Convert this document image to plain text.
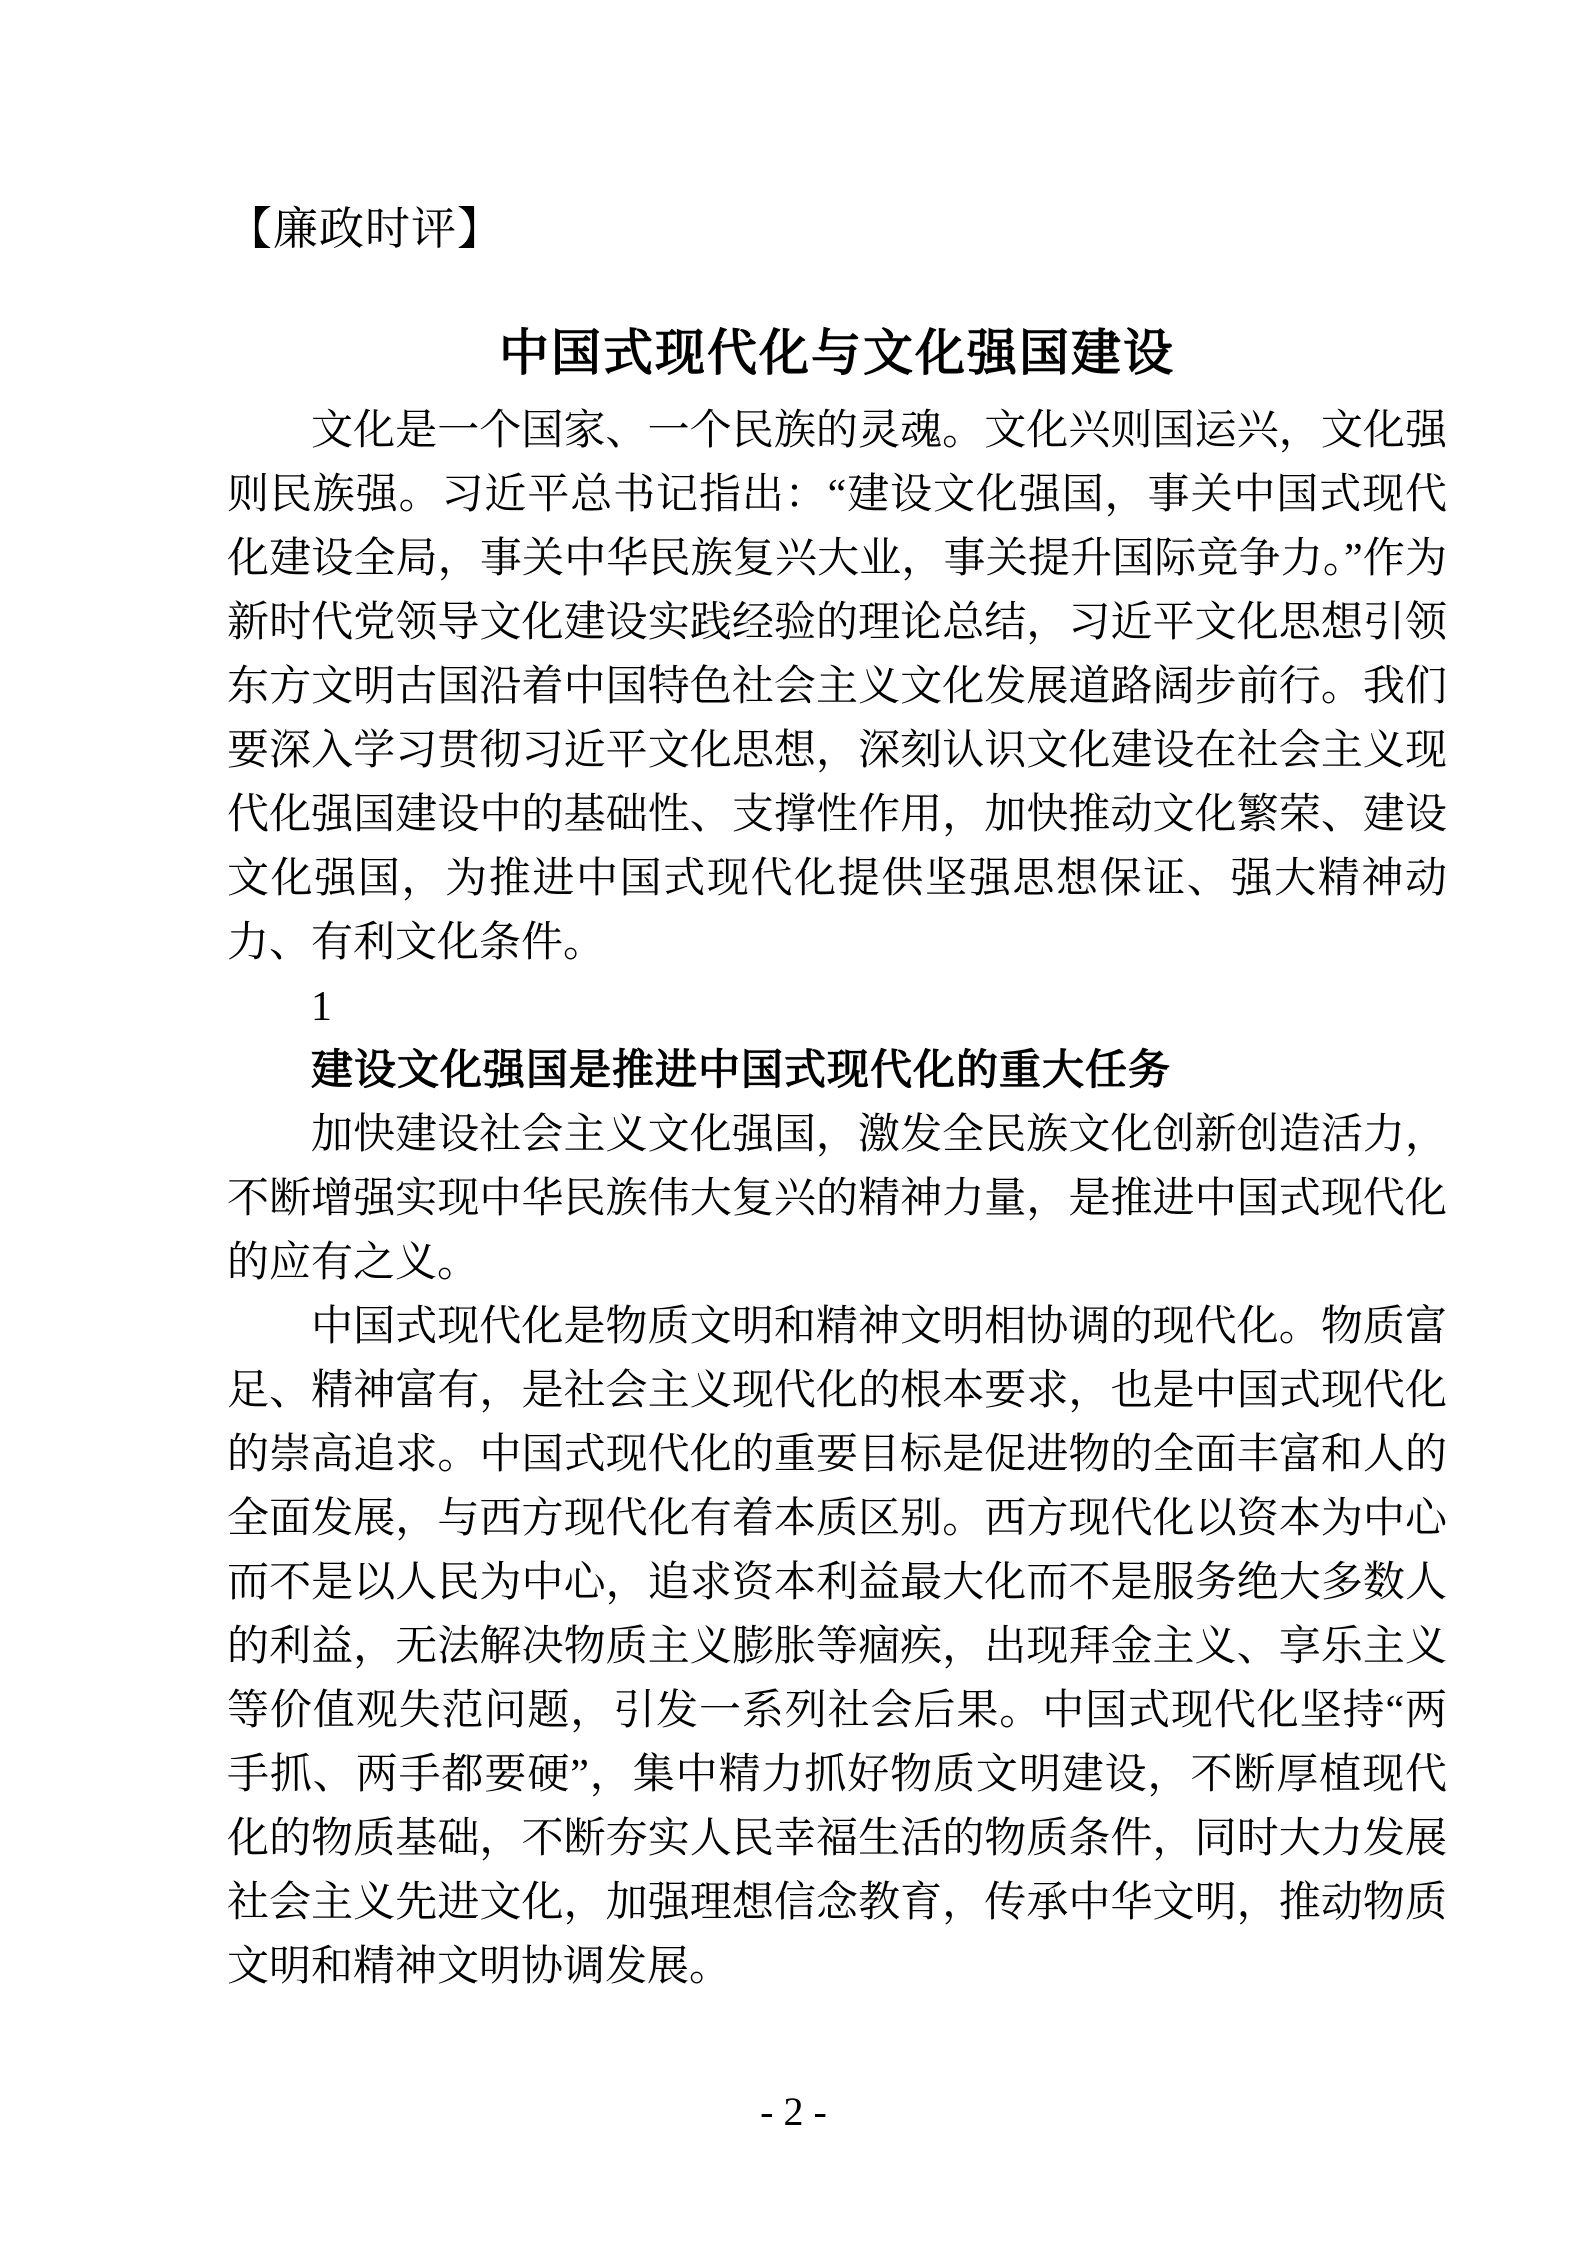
【廉政时评】
中国式现代化与文化强国建设

文化是一个国家、一个民族的灵魂。文化兴则国运兴，文化强则民族强。习近平总书记指出：“建设文化强国，事关中国式现代化建设全局，事关中华民族复兴大业，事关提升国际竞争力。”作为新时代党领导文化建设实践经验的理论总结，习近平文化思想引领东方文明古国沿着中国特色社会主义文化发展道路阔步前行。我们要深入学习贯彻习近平文化思想，深刻认识文化建设在社会主义现代化强国建设中的基础性、支撑性作用，加快推动文化繁荣、建设文化强国，为推进中国式现代化提供坚强思想保证、强大精神动力、有利文化条件。

1

建设文化强国是推进中国式现代化的重大任务

加快建设社会主义文化强国，激发全民族文化创新创造活力，不断增强实现中华民族伟大复兴的精神力量，是推进中国式现代化的应有之义。

中国式现代化是物质文明和精神文明相协调的现代化。物质富足、精神富有，是社会主义现代化的根本要求，也是中国式现代化的崇高追求。中国式现代化的重要目标是促进物的全面丰富和人的全面发展，与西方现代化有着本质区别。西方现代化以资本为中心而不是以人民为中心，追求资本利益最大化而不是服务绝大多数人的利益，无法解决物质主义膨胀等痼疾，出现拜金主义、享乐主义等价值观失范问题，引发一系列社会后果。中国式现代化坚持“两手抓、两手都要硬”，集中精力抓好物质文明建设，不断厚植现代化的物质基础，不断夯实人民幸福生活的物质条件，同时大力发展社会主义先进文化，加强理想信念教育，传承中华文明，推动物质文明和精神文明协调发展。

- 2 -
